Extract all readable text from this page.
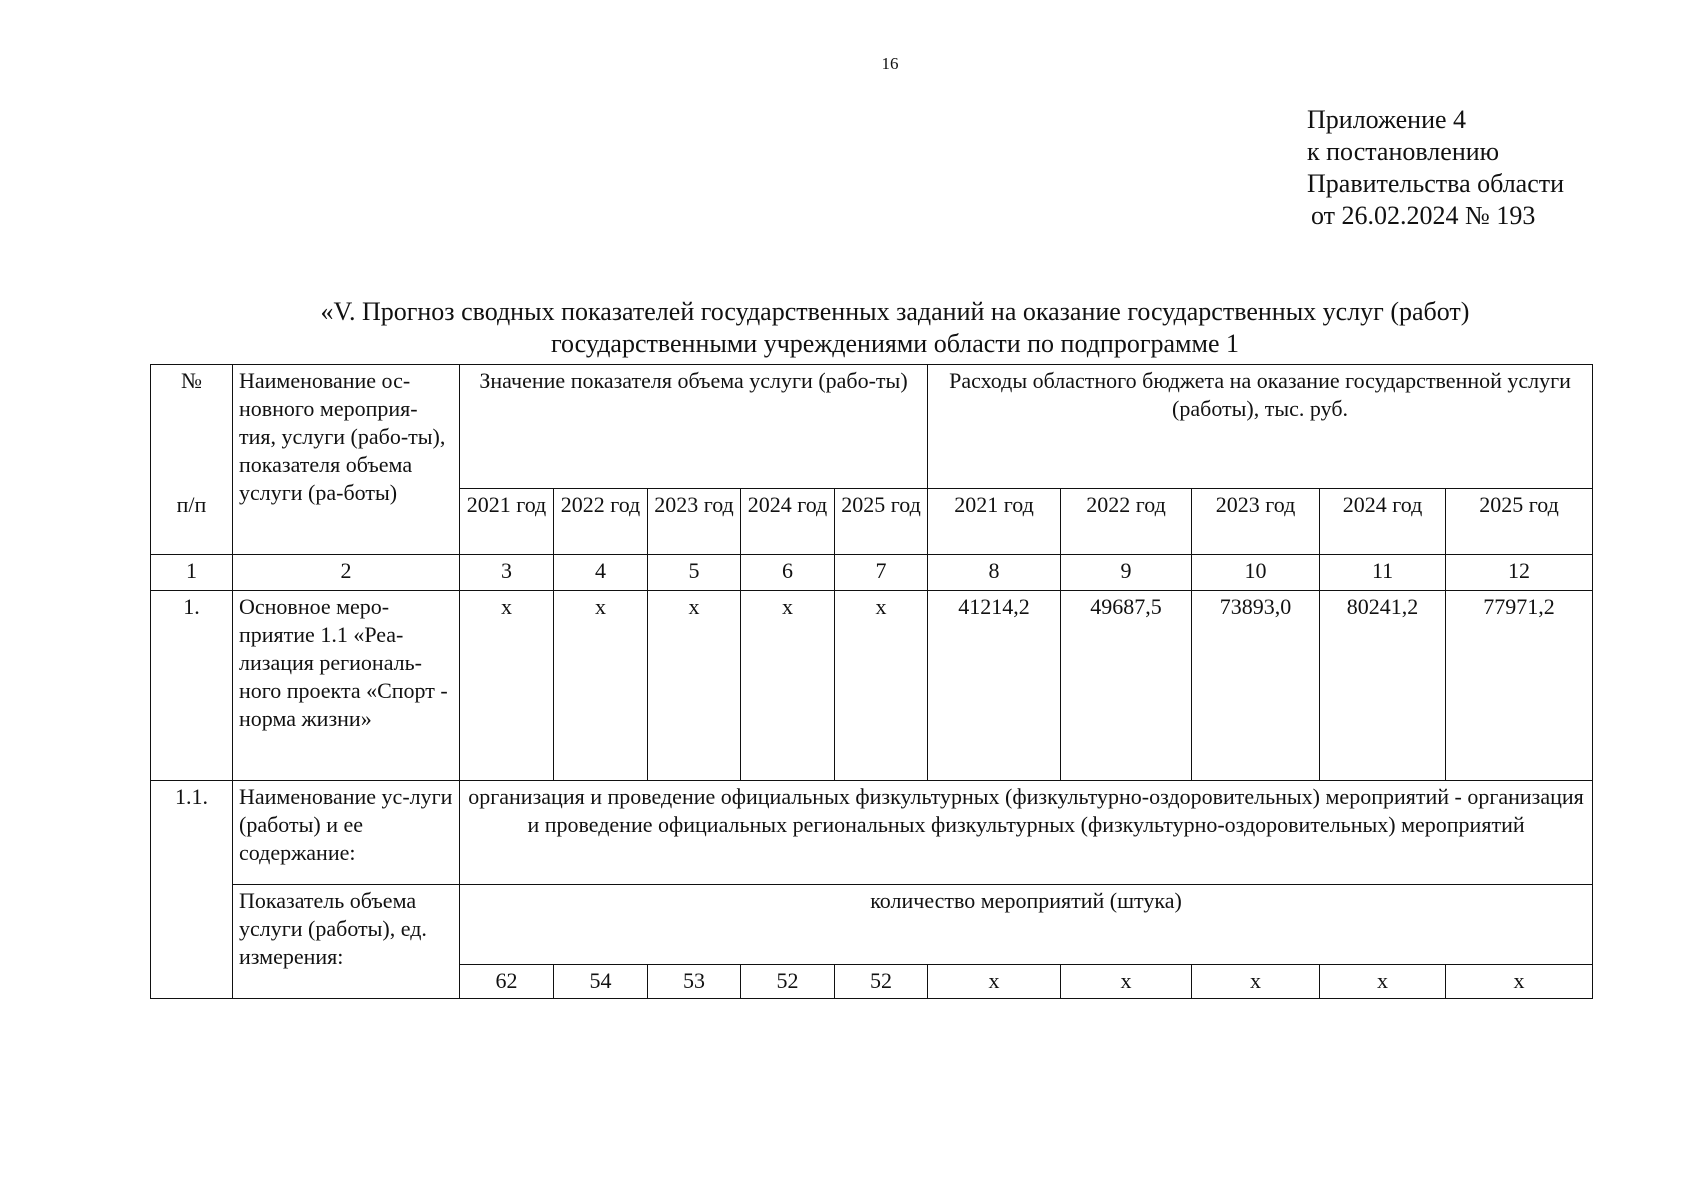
16
Приложение 4
к постановлению
Правительства области
от 26.02.2024 № 193
«V. Прогноз сводных показателей государственных заданий на оказание государственных услуг (работ)
государственными учреждениями области по подпрограмме 1
№
п/п	Наименование ос-новного мероприя-тия, услуги (рабо-ты), показателя объема услуги (ра-боты)	Значение показателя объема услуги (рабо-ты)					Расходы областного бюджета на оказание государственной услуги (работы), тыс. руб.				
		2021 год	2022 год	2023 год	2024 год	2025 год	2021 год	2022 год	2023 год	2024 год	2025 год
1	2	3	4	5	6	7	8	9	10	11	12
1.	Основное меро-приятие 1.1 «Реа-лизация региональ-ного проекта «Спорт - норма жизни»	х	х	х	х	х	41214,2	49687,5	73893,0	80241,2	77971,2
1.1.	Наименование ус-луги (работы) и ее содержание:	организация и проведение официальных физкультурных (физкультурно-оздоровительных) мероприятий - организация и проведение официальных региональных физкультурных (физкультурно-оздоровительных) мероприятий									
	Показатель объема услуги (работы), ед. измерения:	количество мероприятий (штука)									
		62	54	53	52	52	х	х	х	х	х
